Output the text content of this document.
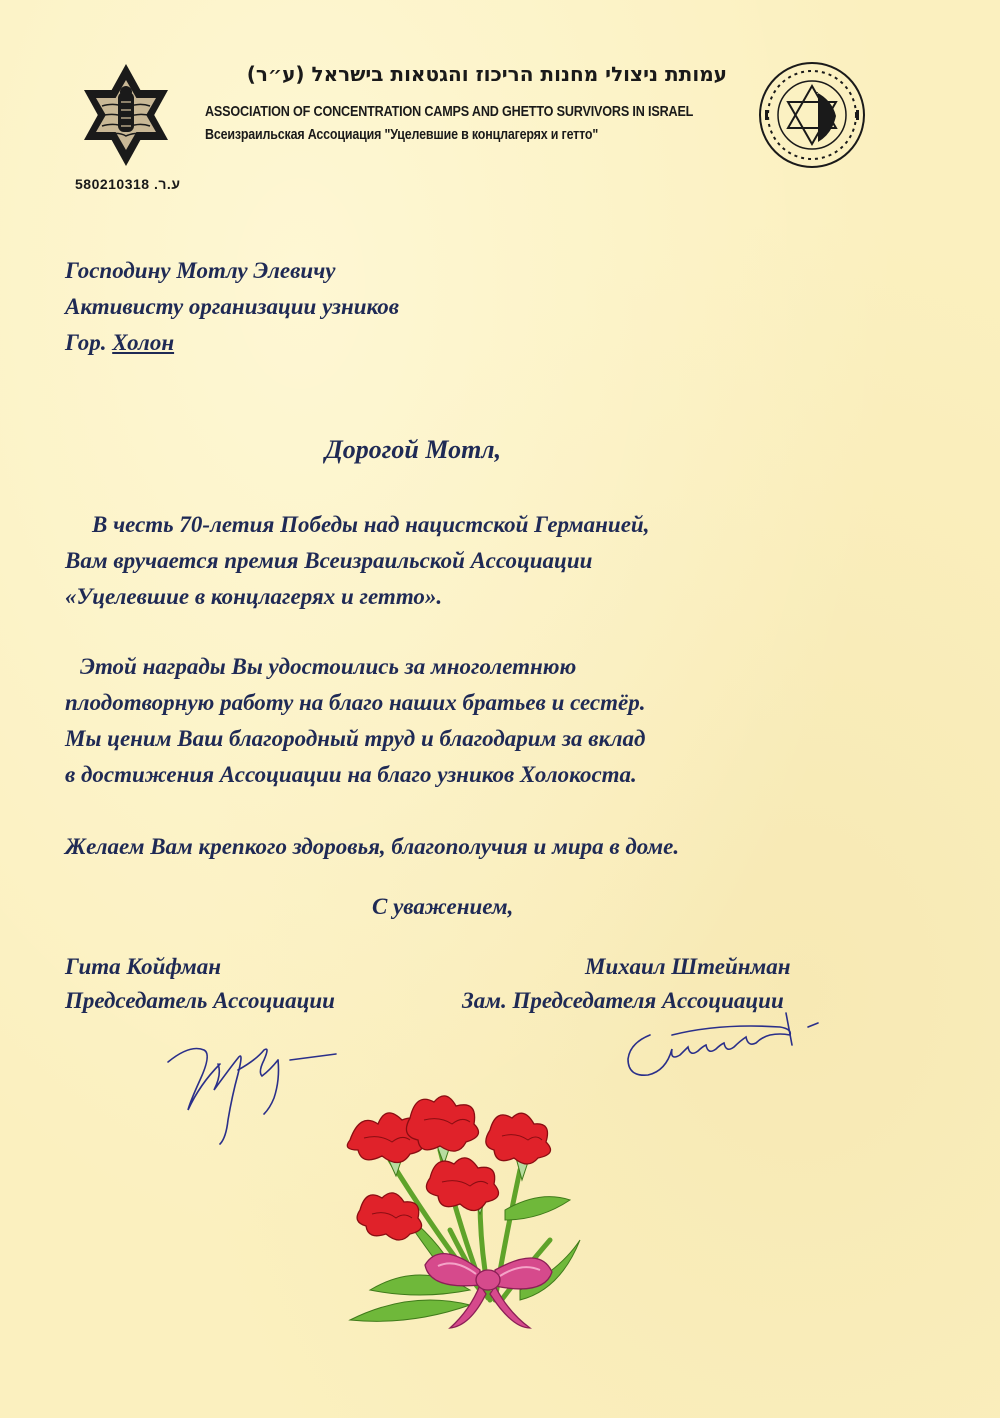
580210318 .ע.ר
עמותת ניצולי מחנות הריכוז והגטאות בישראל (ע״ר)
ASSOCIATION OF CONCENTRATION CAMPS AND GHETTO SURVIVORS IN ISRAEL
Всеизраильская Ассоциация "Уцелевшие в концлагерях и гетто"
Господину Мотлу Элевичу
Активисту организации узников
Гор. Холон
Дорогой Мотл,
В честь 70-летия Победы над нацистской Германией,
Вам вручается премия Всеизраильской Ассоциации
«Уцелевшие в концлагерях и гетто».
Этой награды Вы удостоились за многолетнюю
плодотворную работу на благо наших братьев и сестёр.
Мы ценим Ваш благородный труд и благодарим за вклад
в достижения Ассоциации на благо узников Холокоста.
Желаем Вам крепкого здоровья, благополучия и мира в доме.
С уважением,
Гита Койфман
Председатель Ассоциации
Михаил Штейнман
Зам. Председателя Ассоциации
